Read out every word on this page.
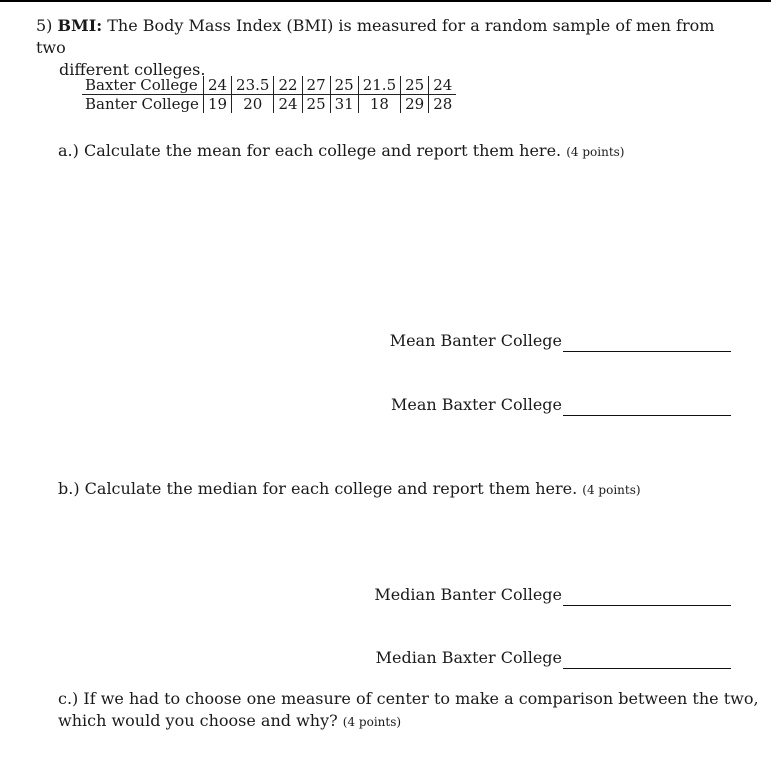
5) BMI: The Body Mass Index (BMI) is measured for a random sample of men from two
different colleges.
Baxter College	24	23.5	22	27	25	21.5	25	24
Banter College	19	20	24	25	31	18	29	28
a.) Calculate the mean for each college and report them here. (4 points)
Mean Banter College
Mean Baxter College
b.) Calculate the median for each college and report them here. (4 points)
Median Banter College
Median Baxter College
c.) If we had to choose one measure of center to make a comparison between the two,
which would you choose and why? (4 points)
